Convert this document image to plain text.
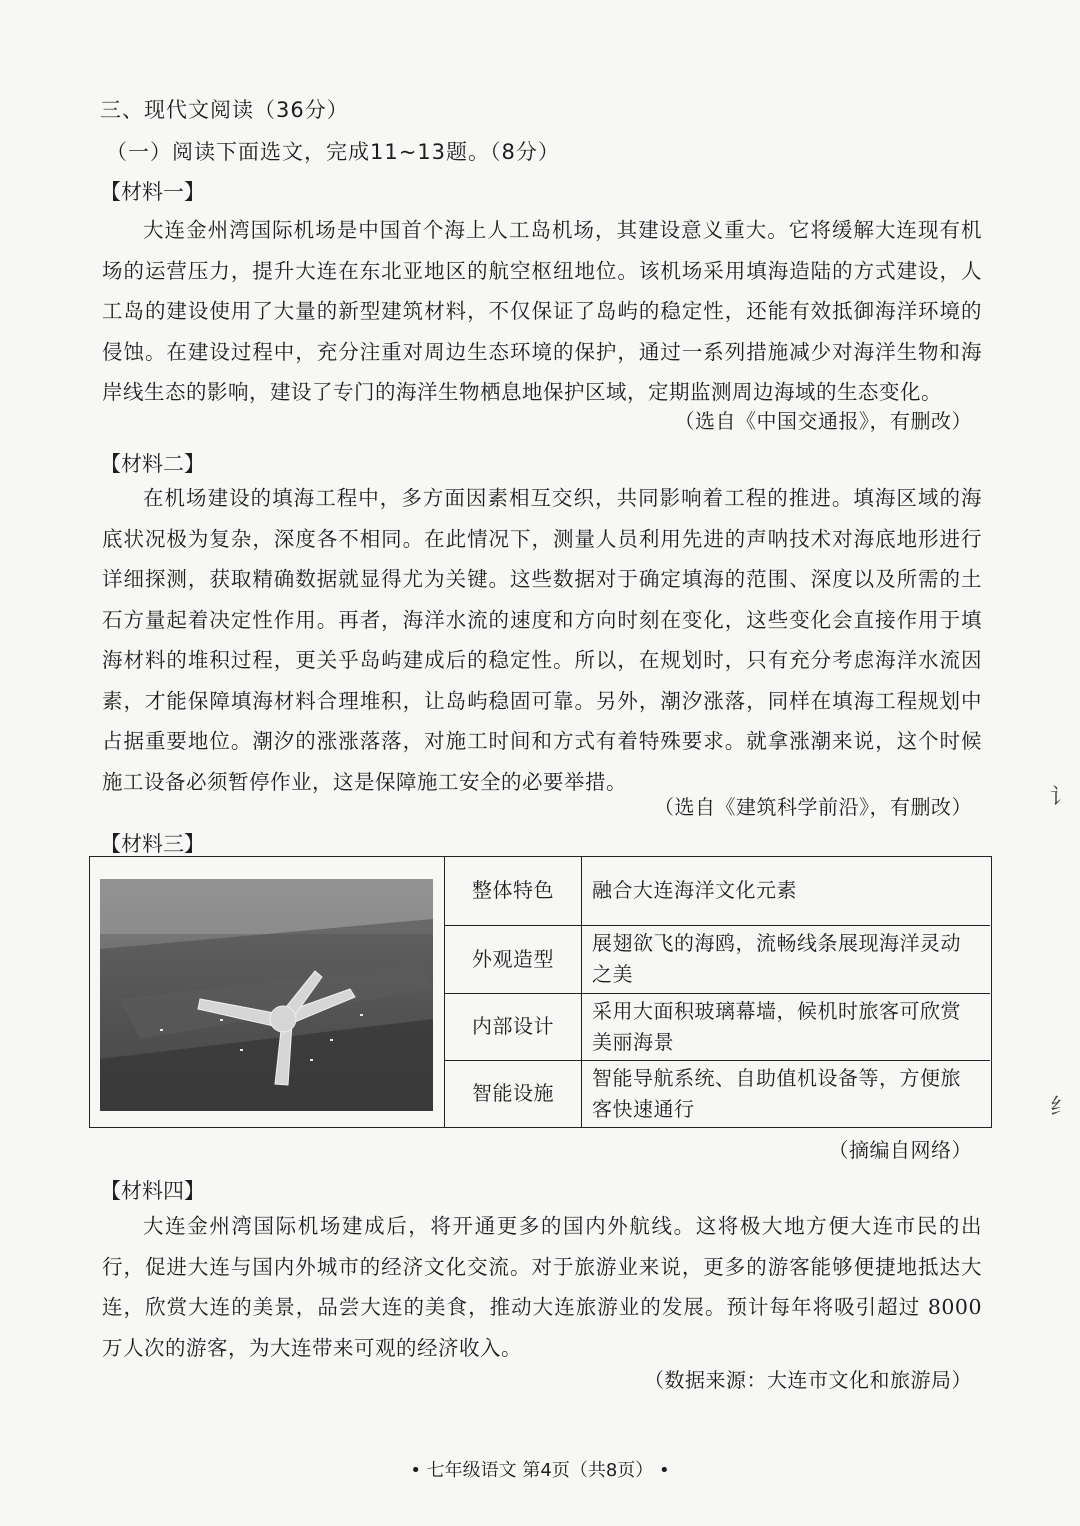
三、现代文阅读（36分）
（一）阅读下面选文，完成11~13题。（8分）
【材料一】
大连金州湾国际机场是中国首个海上人工岛机场，其建设意义重大。它将缓解大连现有机场的运营压力，提升大连在东北亚地区的航空枢纽地位。该机场采用填海造陆的方式建设，人工岛的建设使用了大量的新型建筑材料，不仅保证了岛屿的稳定性，还能有效抵御海洋环境的侵蚀。在建设过程中，充分注重对周边生态环境的保护，通过一系列措施减少对海洋生物和海岸线生态的影响，建设了专门的海洋生物栖息地保护区域，定期监测周边海域的生态变化。
（选自《中国交通报》，有删改）
【材料二】
在机场建设的填海工程中，多方面因素相互交织，共同影响着工程的推进。填海区域的海底状况极为复杂，深度各不相同。在此情况下，测量人员利用先进的声呐技术对海底地形进行详细探测，获取精确数据就显得尤为关键。这些数据对于确定填海的范围、深度以及所需的土石方量起着决定性作用。再者，海洋水流的速度和方向时刻在变化，这些变化会直接作用于填海材料的堆积过程，更关乎岛屿建成后的稳定性。所以，在规划时，只有充分考虑海洋水流因素，才能保障填海材料合理堆积，让岛屿稳固可靠。另外，潮汐涨落，同样在填海工程规划中占据重要地位。潮汐的涨涨落落，对施工时间和方式有着特殊要求。就拿涨潮来说，这个时候施工设备必须暂停作业，这是保障施工安全的必要举措。
（选自《建筑科学前沿》，有删改）
【材料三】
整体特色	融合大连海洋文化元素
外观造型	展翅欲飞的海鸥，流畅线条展现海洋灵动之美
内部设计	采用大面积玻璃幕墙，候机时旅客可欣赏美丽海景
智能设施	智能导航系统、自助值机设备等，方便旅客快速通行
（摘编自网络）
【材料四】
大连金州湾国际机场建成后，将开通更多的国内外航线。这将极大地方便大连市民的出行，促进大连与国内外城市的经济文化交流。对于旅游业来说，更多的游客能够便捷地抵达大连，欣赏大连的美景，品尝大连的美食，推动大连旅游业的发展。预计每年将吸引超过 8000 万人次的游客，为大连带来可观的经济收入。
（数据来源：大连市文化和旅游局）
• 七年级语文 第4页（共8页） •
讠
纟
